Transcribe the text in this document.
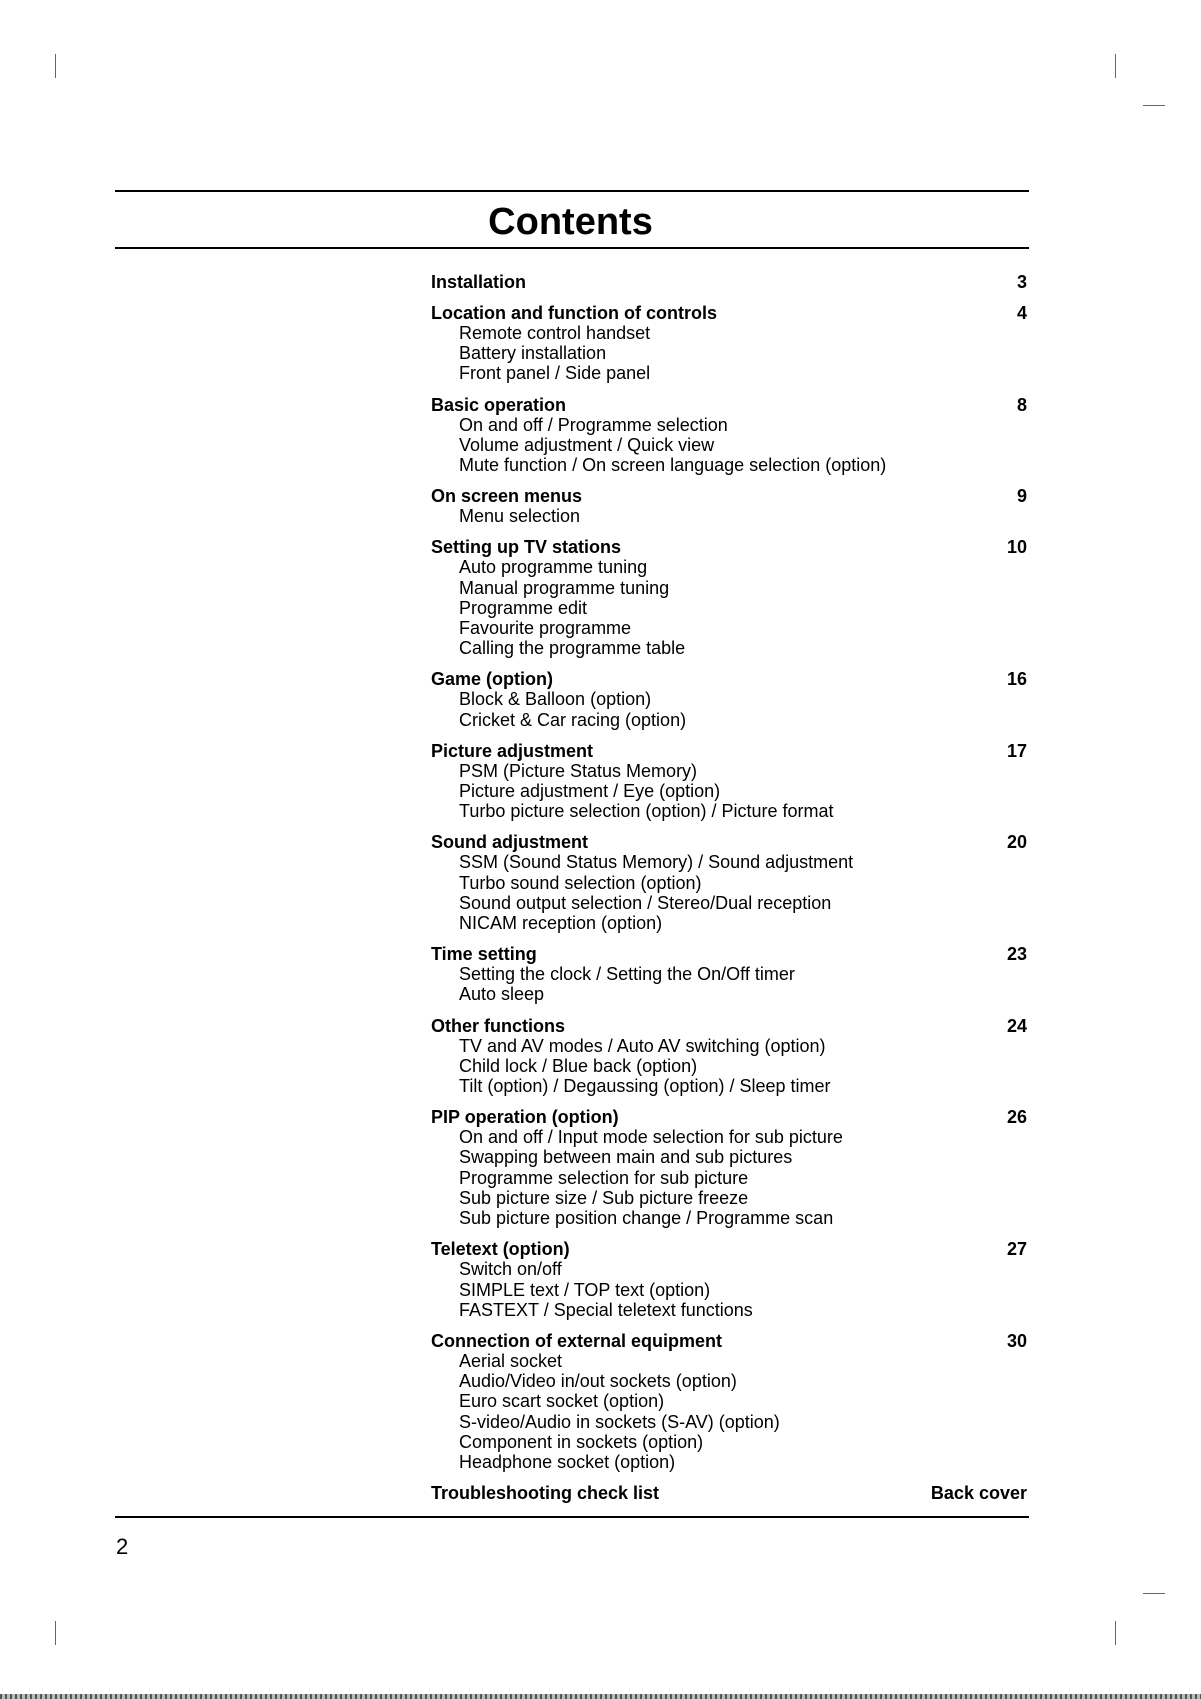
Contents
Installation	3
Location and function of controls	4
Remote control handset
Battery installation
Front panel / Side panel
Basic operation	8
On and off / Programme selection
Volume adjustment / Quick view
Mute function / On screen language selection (option)
On screen menus	9
Menu selection
Setting up TV stations	10
Auto programme tuning
Manual programme tuning
Programme edit
Favourite programme
Calling the programme table
Game (option)	16
Block & Balloon (option)
Cricket & Car racing (option)
Picture adjustment	17
PSM (Picture Status Memory)
Picture adjustment / Eye (option)
Turbo picture selection (option) / Picture format
Sound adjustment	20
SSM (Sound Status Memory) / Sound adjustment
Turbo sound selection (option)
Sound output selection / Stereo/Dual reception
NICAM reception (option)
Time setting	23
Setting the clock / Setting the On/Off timer
Auto sleep
Other functions	24
TV and AV modes / Auto AV switching (option)
Child lock / Blue back (option)
Tilt (option) / Degaussing (option) / Sleep timer
PIP operation (option)	26
On and off / Input mode selection for sub picture
Swapping between main and sub pictures
Programme selection for sub picture
Sub picture size / Sub picture freeze
Sub picture position change / Programme scan
Teletext (option)	27
Switch on/off
SIMPLE text / TOP text (option)
FASTEXT / Special teletext functions
Connection of external equipment	30
Aerial socket
Audio/Video in/out sockets (option)
Euro scart socket (option)
S-video/Audio in sockets (S-AV) (option)
Component in sockets (option)
Headphone socket (option)
Troubleshooting check list	Back cover
2
